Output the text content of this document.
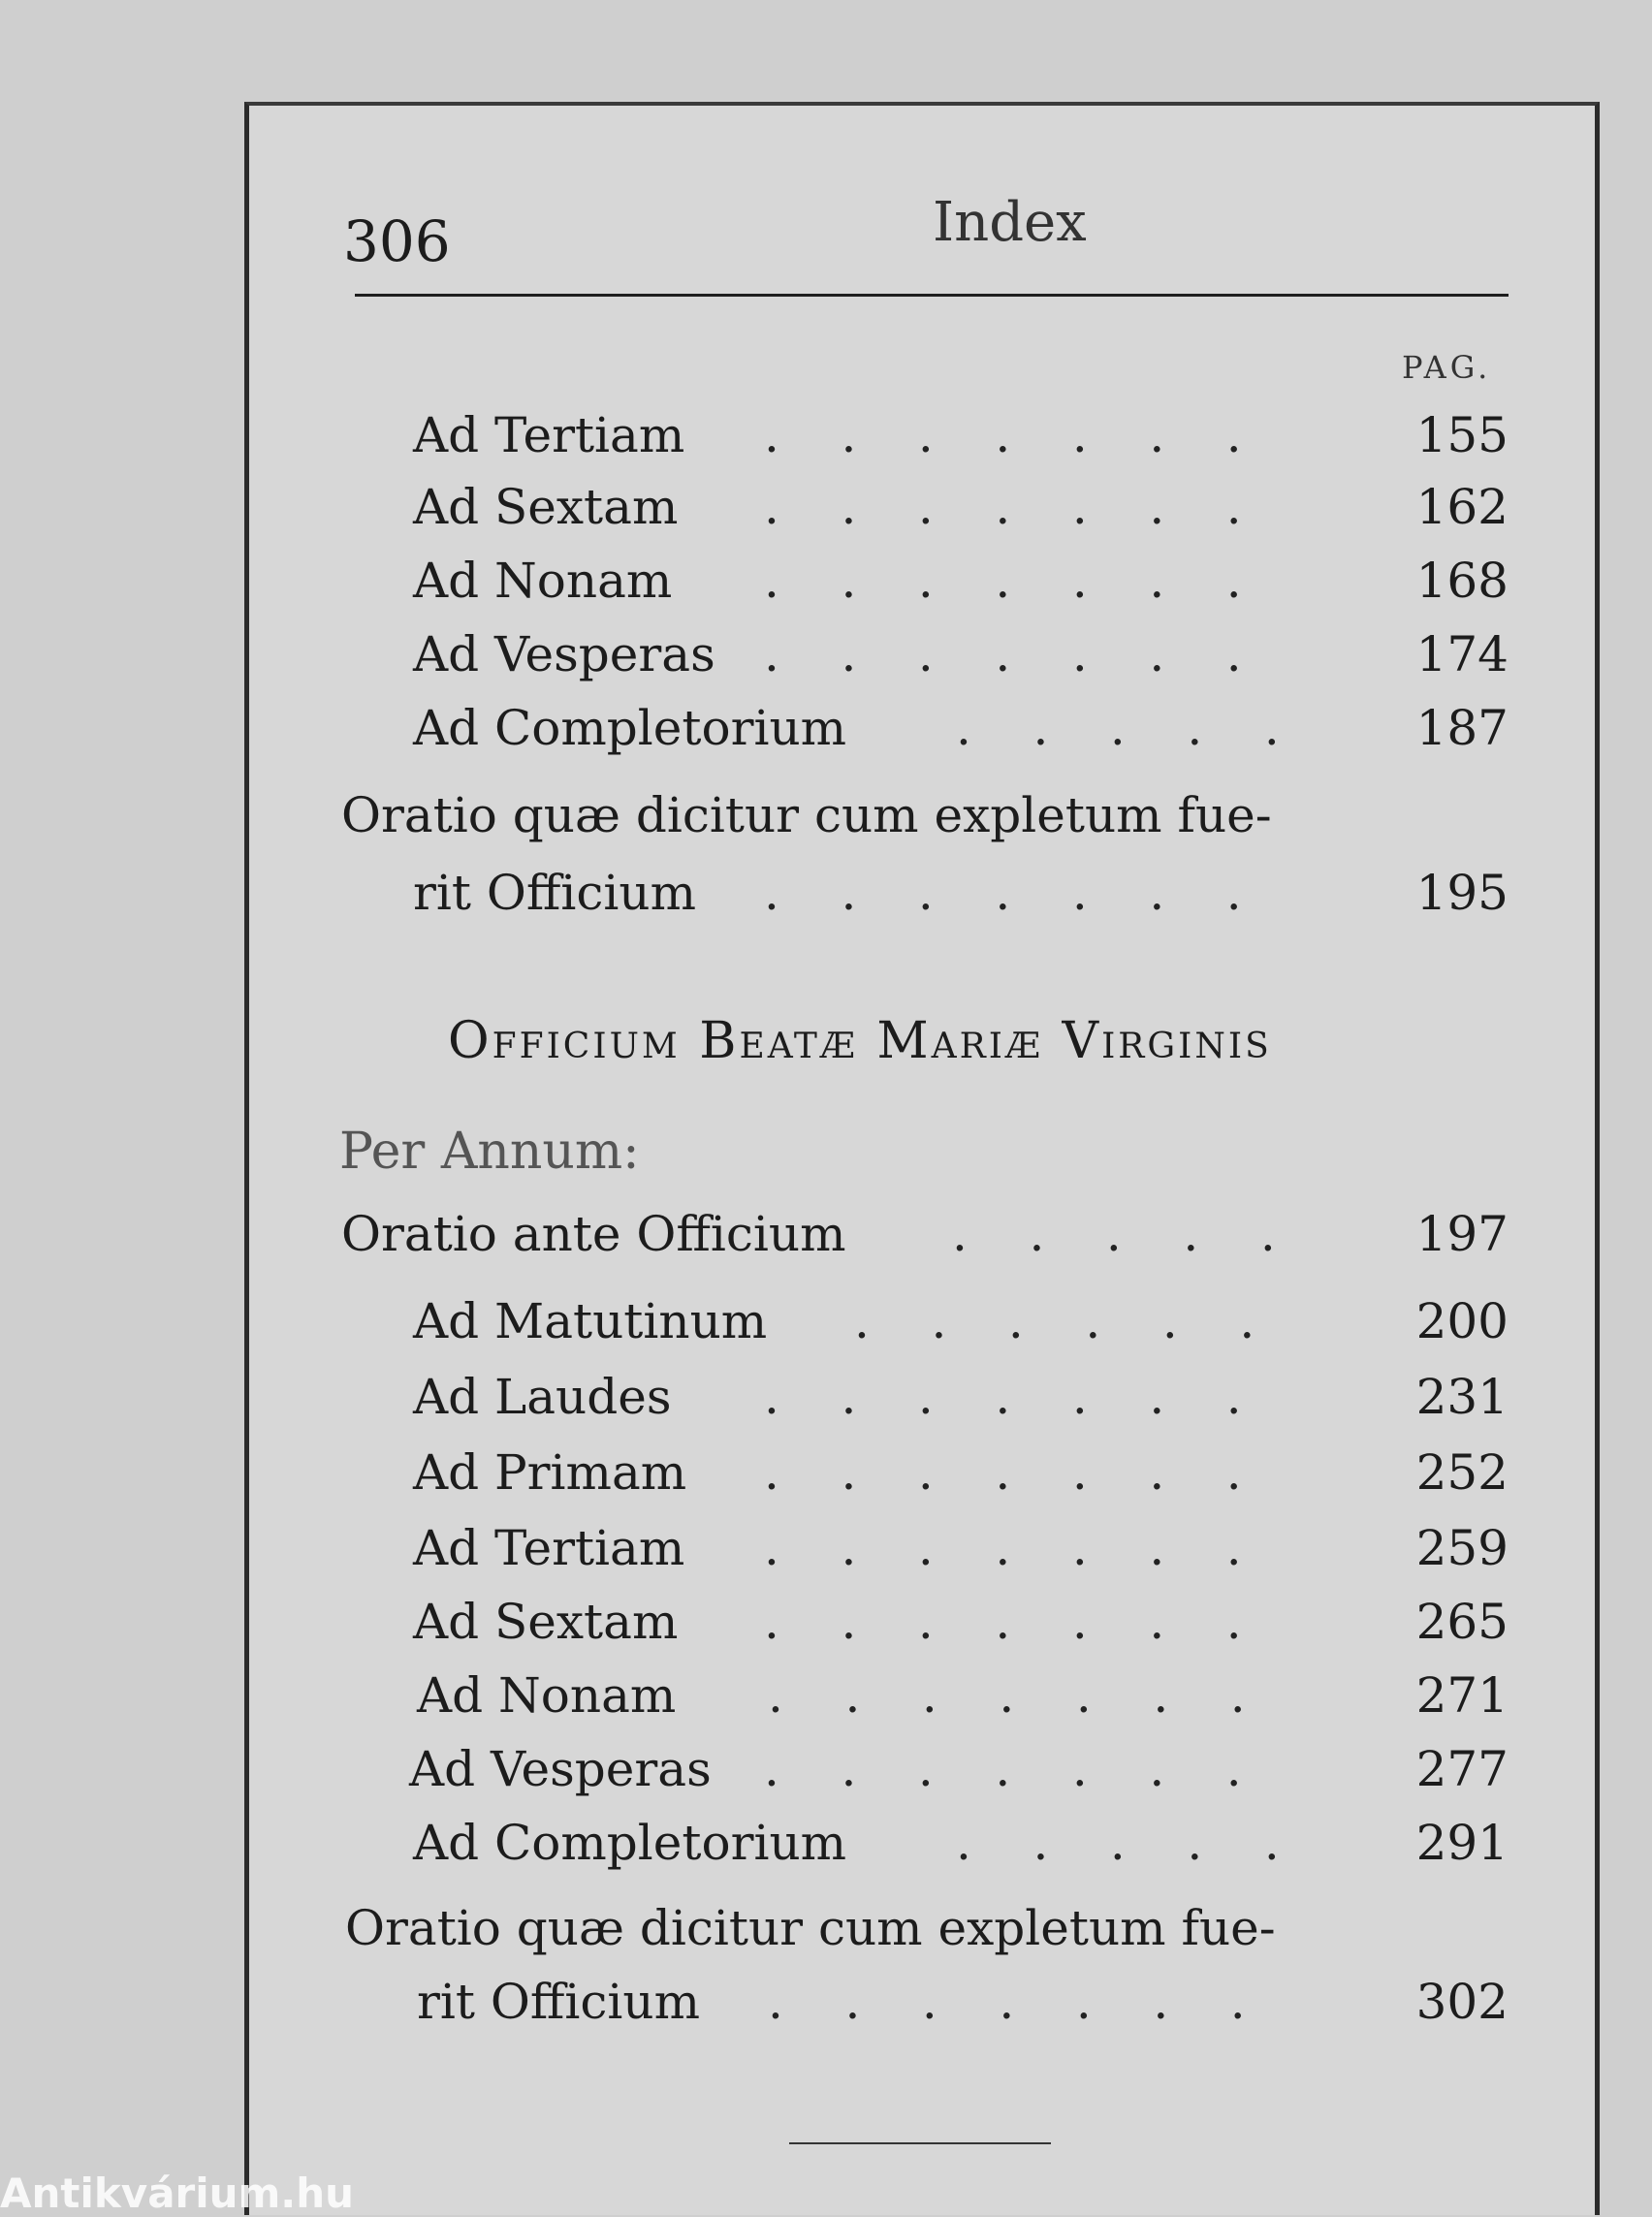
306	Index
PAG.
Ad Tertiam .    .    .    .    .    .    .	155
Ad Sextam .    .    .    .    .    .    .	162
Ad Nonam .    .    .    .    .    .    .	168
Ad Vesperas .    .    .    .    .    .    .	174
Ad Completorium .    .    .    .    .	187
Oratio quæ dicitur cum expletum fue-
rit Officium .    .    .    .    .    .    .	195
Officium Beatæ Mariæ Virginis
Per Annum:
Oratio ante Officium .    .    .    .    .	197
Ad Matutinum .    .    .    .    .    .	200
Ad Laudes .    .    .    .    .    .    .	231
Ad Primam .    .    .    .    .    .    .	252
Ad Tertiam .    .    .    .    .    .    .	259
Ad Sextam .    .    .    .    .    .    .	265
Ad Nonam .    .    .    .    .    .    .	271
Ad Vesperas .    .    .    .    .    .    .	277
Ad Completorium .    .    .    .    .	291
Oratio quæ dicitur cum expletum fue-
rit Officium .    .    .    .    .    .    .	302
Antikvárium.hu
